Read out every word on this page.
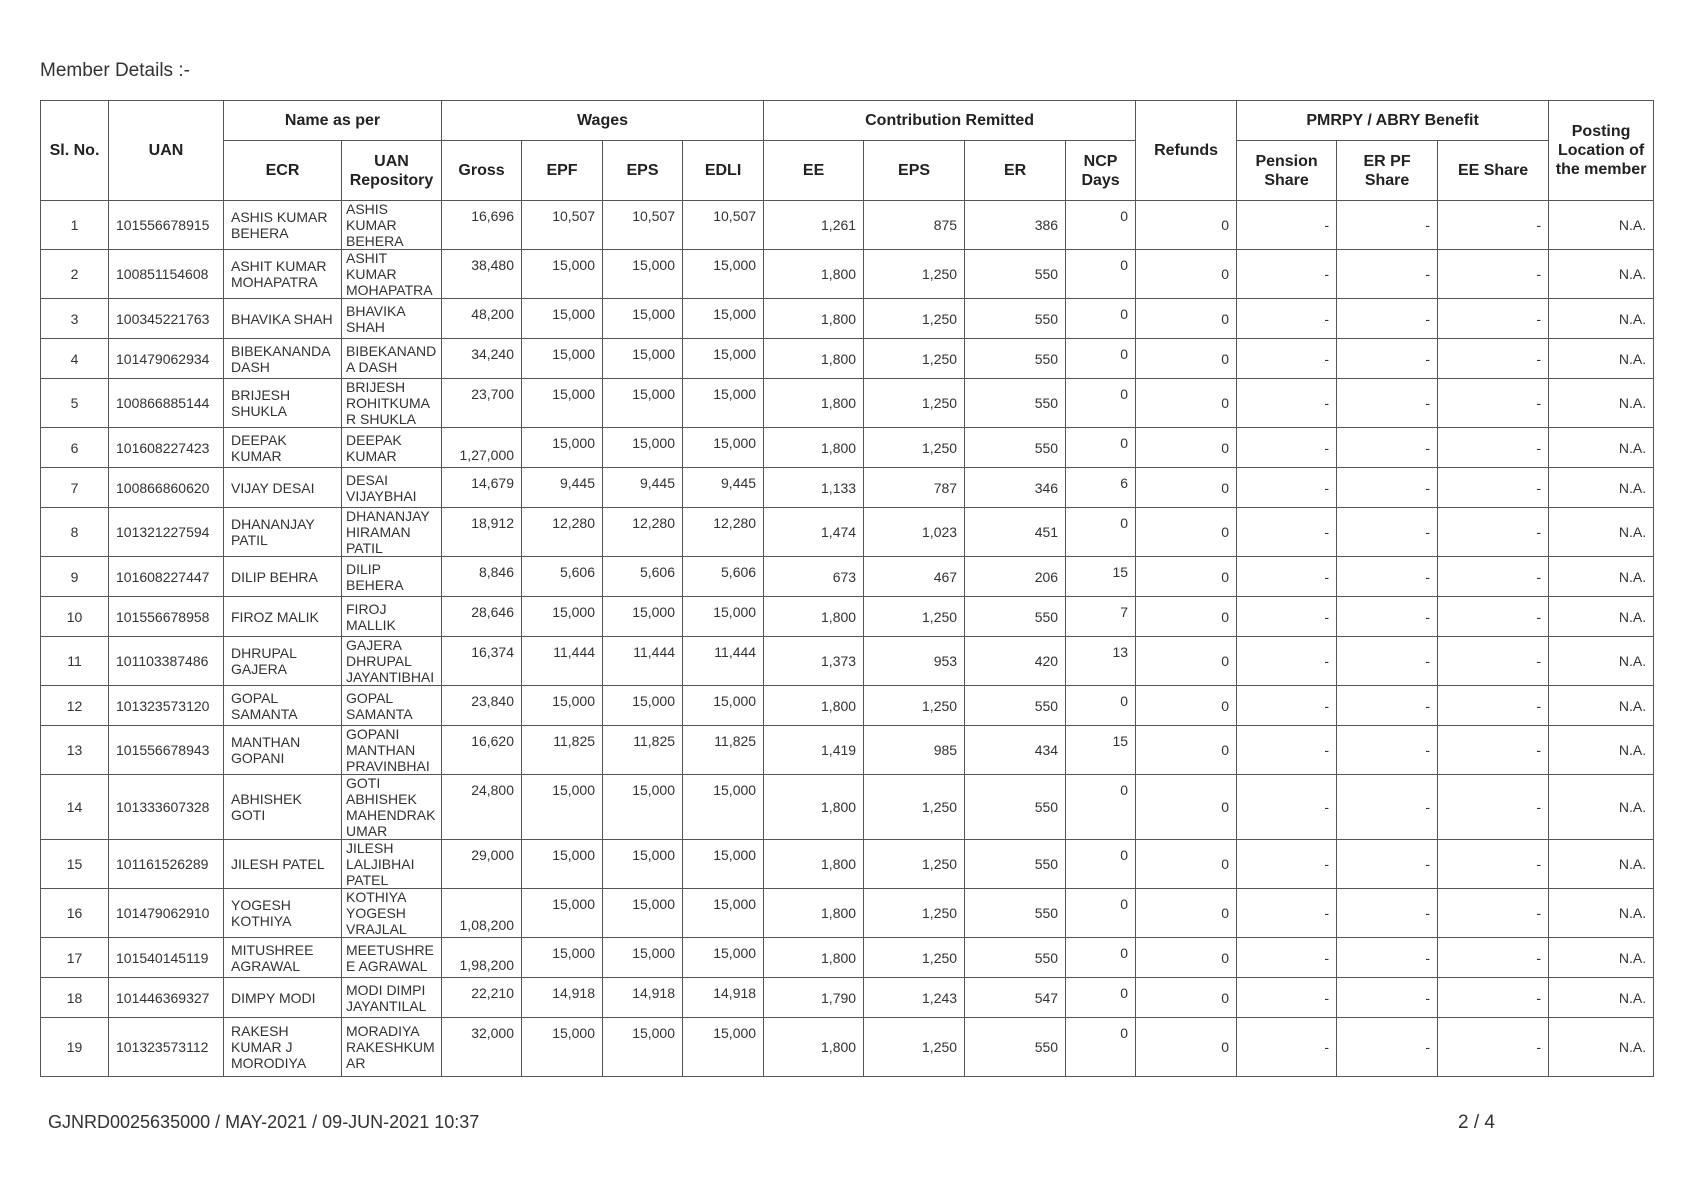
Member Details :-
Sl. No.	UAN	Name as per		Wages				Contribution Remitted				Refunds	PMRPY / ABRY Benefit			Posting Location of the member
		ECR	UAN Repository	Gross	EPF	EPS	EDLI	EE	EPS	ER	NCP Days		Pension Share	ER PF Share	EE Share	
1	101556678915	ASHIS KUMAR BEHERA	ASHIS KUMAR BEHERA	16,696	10,507	10,507	10,507	1,261	875	386	0	0	-	-	-	N.A.
2	100851154608	ASHIT KUMAR MOHAPATRA	ASHIT KUMAR MOHAPATRA	38,480	15,000	15,000	15,000	1,800	1,250	550	0	0	-	-	-	N.A.
3	100345221763	BHAVIKA SHAH	BHAVIKA SHAH	48,200	15,000	15,000	15,000	1,800	1,250	550	0	0	-	-	-	N.A.
4	101479062934	BIBEKANANDA DASH	BIBEKANAND A DASH	34,240	15,000	15,000	15,000	1,800	1,250	550	0	0	-	-	-	N.A.
5	100866885144	BRIJESH SHUKLA	BRIJESH ROHITKUMA R SHUKLA	23,700	15,000	15,000	15,000	1,800	1,250	550	0	0	-	-	-	N.A.
6	101608227423	DEEPAK KUMAR	DEEPAK KUMAR	1,27,000	15,000	15,000	15,000	1,800	1,250	550	0	0	-	-	-	N.A.
7	100866860620	VIJAY DESAI	DESAI VIJAYBHAI	14,679	9,445	9,445	9,445	1,133	787	346	6	0	-	-	-	N.A.
8	101321227594	DHANANJAY PATIL	DHANANJAY HIRAMAN PATIL	18,912	12,280	12,280	12,280	1,474	1,023	451	0	0	-	-	-	N.A.
9	101608227447	DILIP BEHRA	DILIP BEHERA	8,846	5,606	5,606	5,606	673	467	206	15	0	-	-	-	N.A.
10	101556678958	FIROZ MALIK	FIROJ MALLIK	28,646	15,000	15,000	15,000	1,800	1,250	550	7	0	-	-	-	N.A.
11	101103387486	DHRUPAL GAJERA	GAJERA DHRUPAL JAYANTIBHAI	16,374	11,444	11,444	11,444	1,373	953	420	13	0	-	-	-	N.A.
12	101323573120	GOPAL SAMANTA	GOPAL SAMANTA	23,840	15,000	15,000	15,000	1,800	1,250	550	0	0	-	-	-	N.A.
13	101556678943	MANTHAN GOPANI	GOPANI MANTHAN PRAVINBHAI	16,620	11,825	11,825	11,825	1,419	985	434	15	0	-	-	-	N.A.
14	101333607328	ABHISHEK GOTI	GOTI ABHISHEK MAHENDRAK UMAR	24,800	15,000	15,000	15,000	1,800	1,250	550	0	0	-	-	-	N.A.
15	101161526289	JILESH PATEL	JILESH LALJIBHAI PATEL	29,000	15,000	15,000	15,000	1,800	1,250	550	0	0	-	-	-	N.A.
16	101479062910	YOGESH KOTHIYA	KOTHIYA YOGESH VRAJLAL	1,08,200	15,000	15,000	15,000	1,800	1,250	550	0	0	-	-	-	N.A.
17	101540145119	MITUSHREE AGRAWAL	MEETUSHRE E AGRAWAL	1,98,200	15,000	15,000	15,000	1,800	1,250	550	0	0	-	-	-	N.A.
18	101446369327	DIMPY MODI	MODI DIMPI JAYANTILAL	22,210	14,918	14,918	14,918	1,790	1,243	547	0	0	-	-	-	N.A.
19	101323573112	RAKESH KUMAR J MORODIYA	MORADIYA RAKESHKUM AR	32,000	15,000	15,000	15,000	1,800	1,250	550	0	0	-	-	-	N.A.
GJNRD0025635000 / MAY-2021 / 09-JUN-2021 10:37	2 / 4
